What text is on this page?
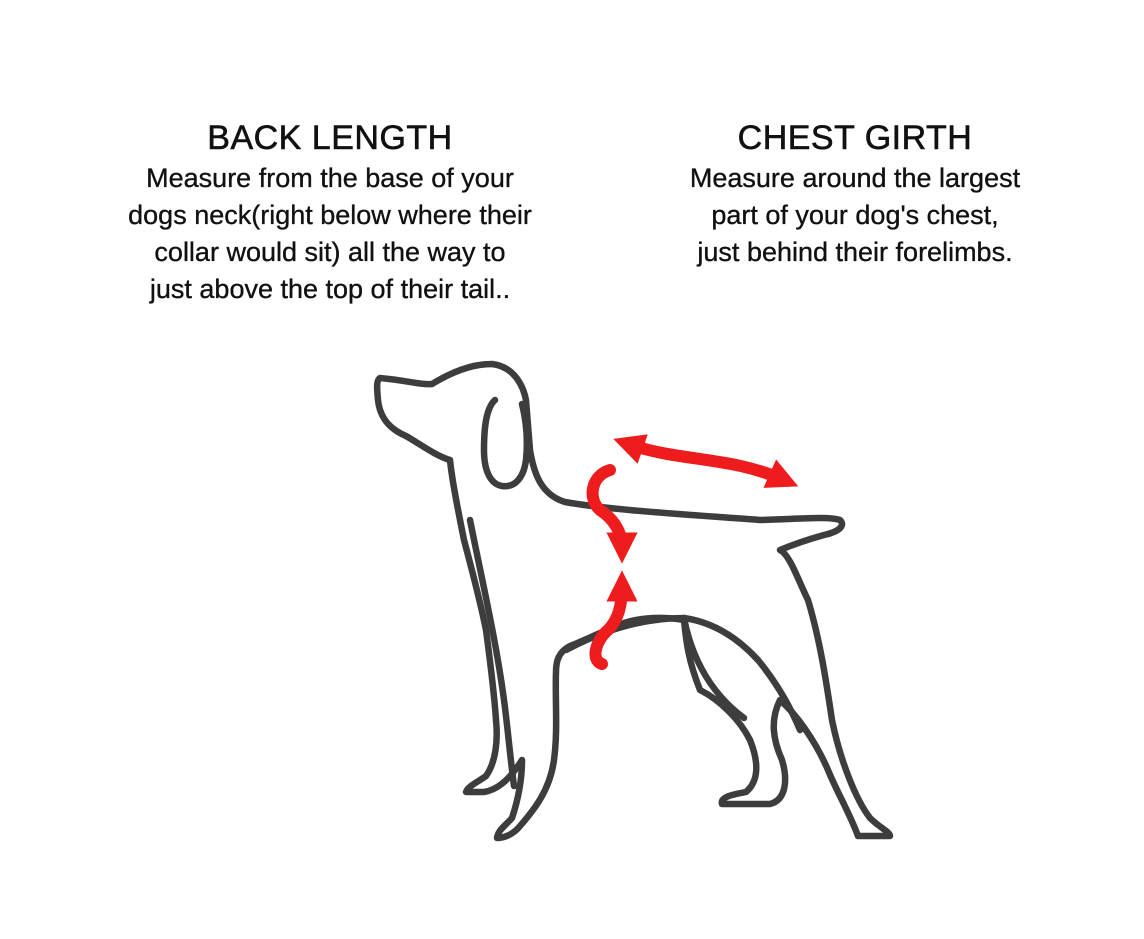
BACK LENGTH
Measure from the base of your
dogs neck(right below where their
collar would sit) all the way to
just above the top of their tail..
CHEST GIRTH
Measure around the largest
part of your dog's chest,
just behind their forelimbs.
